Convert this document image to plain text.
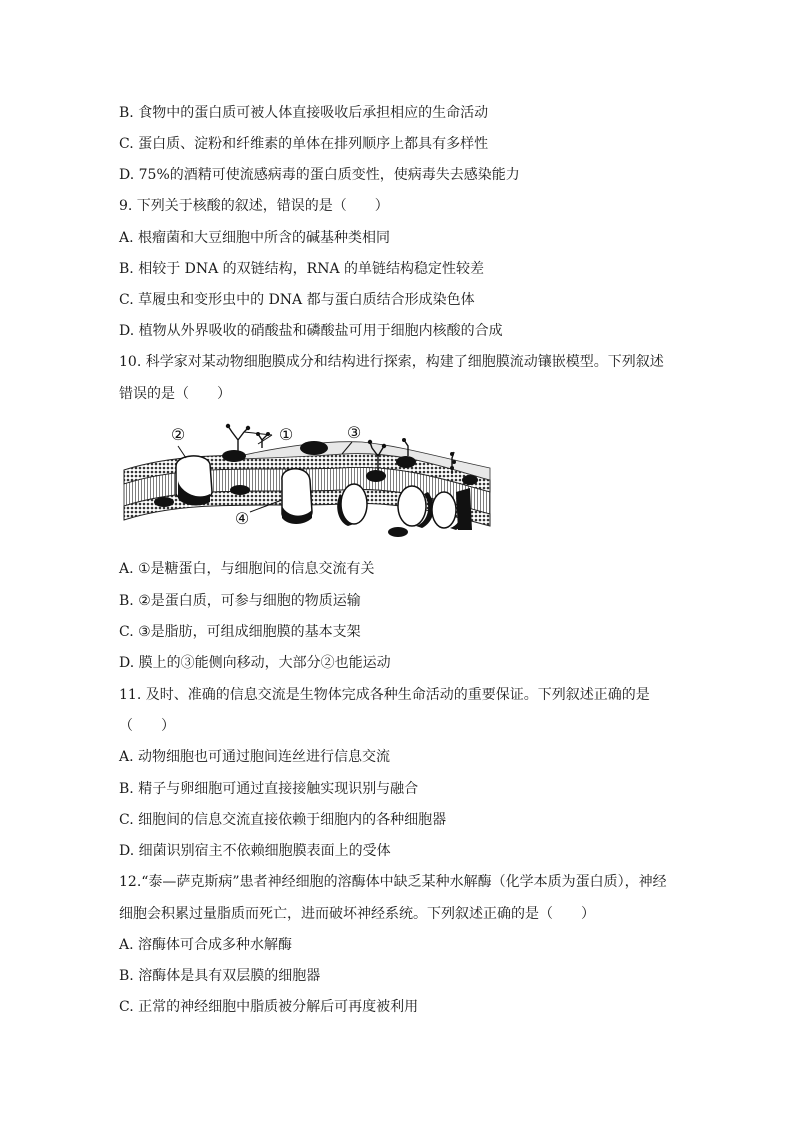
B. 食物中的蛋白质可被人体直接吸收后承担相应的生命活动
C. 蛋白质、淀粉和纤维素的单体在排列顺序上都具有多样性
D. 75%的酒精可使流感病毒的蛋白质变性，使病毒失去感染能力
9. 下列关于核酸的叙述，错误的是（　　）
A. 根瘤菌和大豆细胞中所含的碱基种类相同
B. 相较于 DNA 的双链结构，RNA 的单链结构稳定性较差
C. 草履虫和变形虫中的 DNA 都与蛋白质结合形成染色体
D. 植物从外界吸收的硝酸盐和磷酸盐可用于细胞内核酸的合成
10. 科学家对某动物细胞膜成分和结构进行探索，构建了细胞膜流动镶嵌模型。下列叙述
错误的是（　　）
①
②	③
④
A. ①是糖蛋白，与细胞间的信息交流有关
B. ②是蛋白质，可参与细胞的物质运输
C. ③是脂肪，可组成细胞膜的基本支架
D. 膜上的③能侧向移动，大部分②也能运动
11. 及时、准确的信息交流是生物体完成各种生命活动的重要保证。下列叙述正确的是
（　　）
A. 动物细胞也可通过胞间连丝进行信息交流
B. 精子与卵细胞可通过直接接触实现识别与融合
C. 细胞间的信息交流直接依赖于细胞内的各种细胞器
D. 细菌识别宿主不依赖细胞膜表面上的受体
12.“泰—萨克斯病”患者神经细胞的溶酶体中缺乏某种水解酶（化学本质为蛋白质），神经
细胞会积累过量脂质而死亡，进而破坏神经系统。下列叙述正确的是（　　）
A. 溶酶体可合成多种水解酶
B. 溶酶体是具有双层膜的细胞器
C. 正常的神经细胞中脂质被分解后可再度被利用
